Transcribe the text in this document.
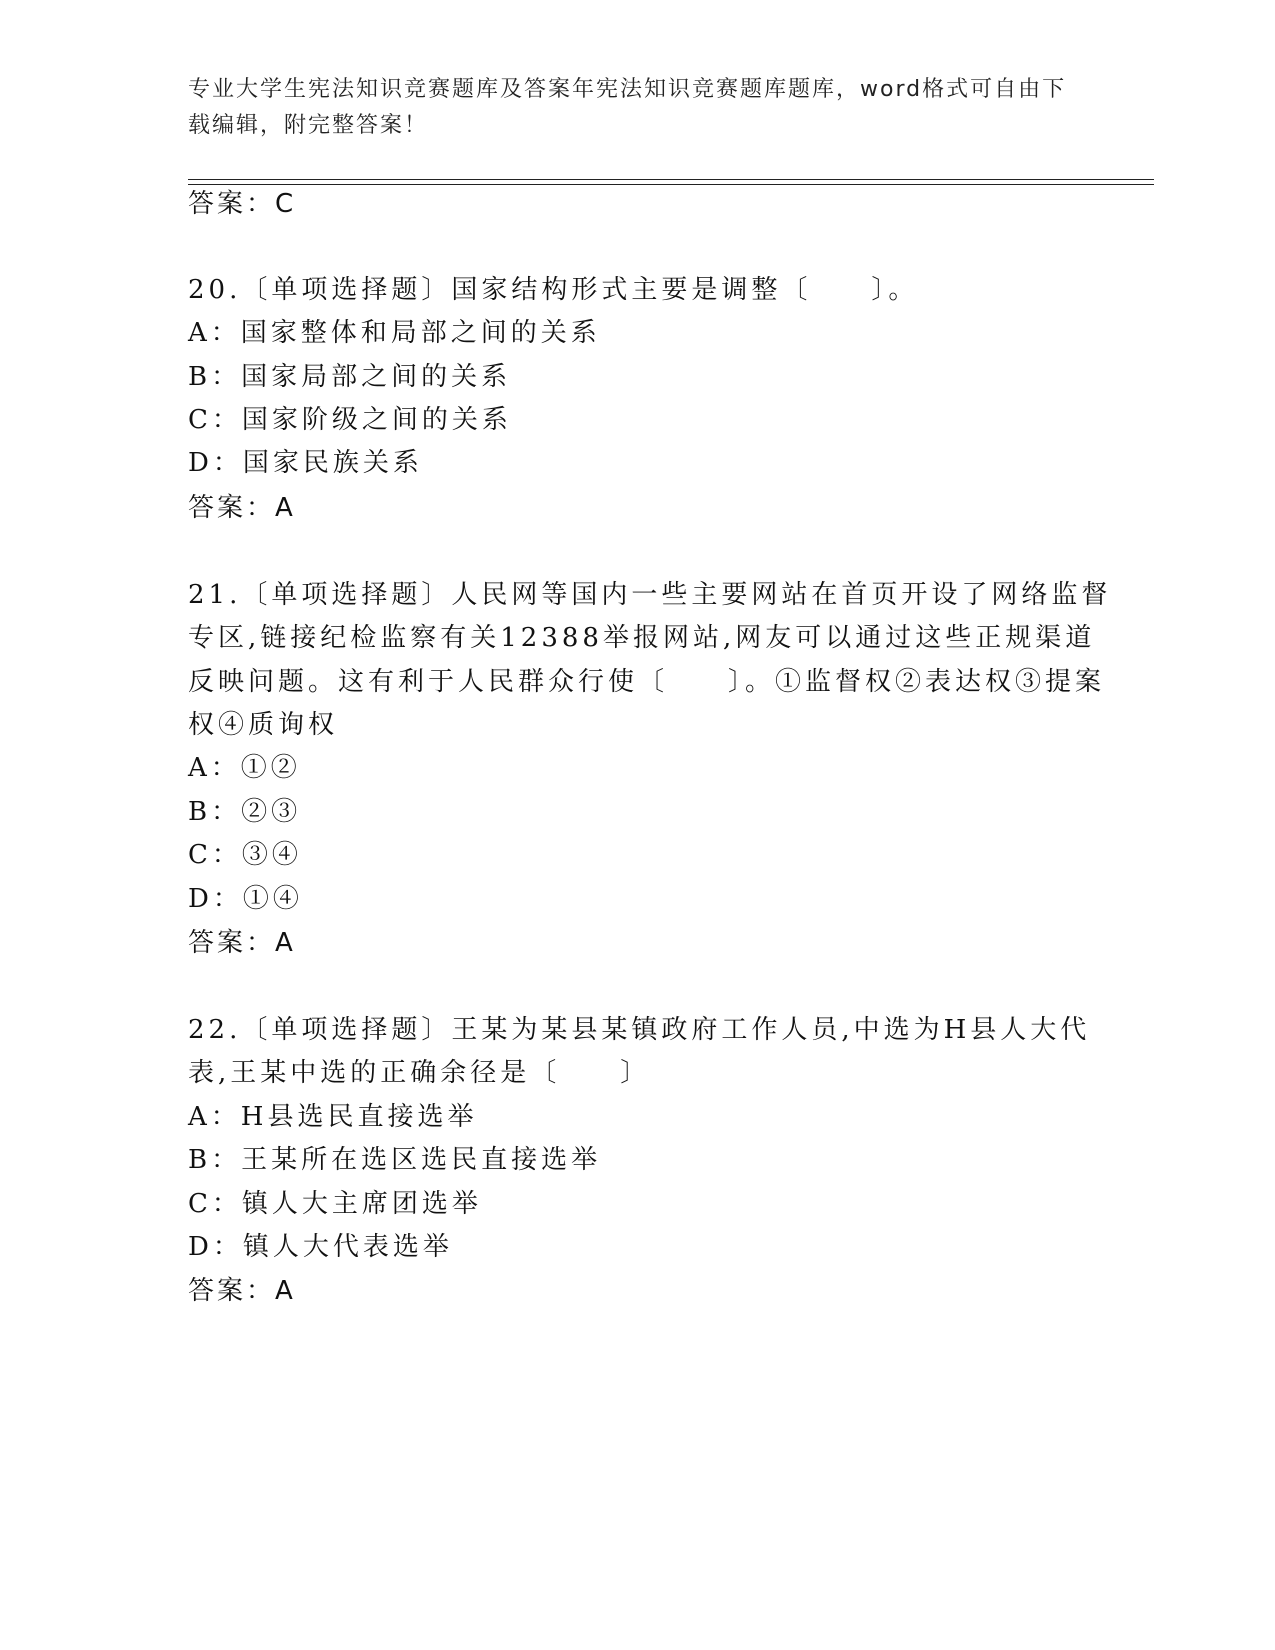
专业大学生宪法知识竞赛题库及答案年宪法知识竞赛题库题库，word格式可自由下载编辑，附完整答案！
答案：C
20.〔单项选择题〕国家结构形式主要是调整〔　　〕。
A：国家整体和局部之间的关系
B：国家局部之间的关系
C：国家阶级之间的关系
D：国家民族关系
答案：A
21.〔单项选择题〕人民网等国内一些主要网站在首页开设了网络监督
专区,链接纪检监察有关12388举报网站,网友可以通过这些正规渠道
反映问题。这有利于人民群众行使〔　　〕。①监督权②表达权③提案
权④质询权
A：①②
B：②③
C：③④
D：①④
答案：A
22.〔单项选择题〕王某为某县某镇政府工作人员,中选为H县人大代
表,王某中选的正确余径是〔　　〕
A：H县选民直接选举
B：王某所在选区选民直接选举
C：镇人大主席团选举
D：镇人大代表选举
答案：A
